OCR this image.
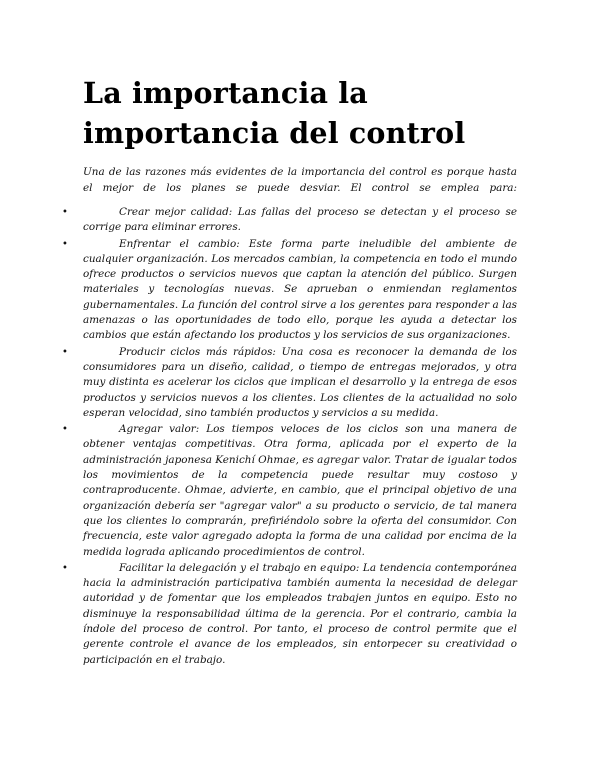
La importancia la importancia del control

Una de las razones más evidentes de la importancia del control es porque hasta el mejor de los planes se puede desviar. El control se emplea para:

•	Crear mejor calidad: Las fallas del proceso se detectan y el proceso se corrige para eliminar errores.
•	Enfrentar el cambio: Este forma parte ineludible del ambiente de cualquier organización. Los mercados cambian, la competencia en todo el mundo ofrece productos o servicios nuevos que captan la atención del público. Surgen materiales y tecnologías nuevas. Se aprueban o enmiendan reglamentos gubernamentales. La función del control sirve a los gerentes para responder a las amenazas o las oportunidades de todo ello, porque les ayuda a detectar los cambios que están afectando los productos y los servicios de sus organizaciones.
•	Producir ciclos más rápidos: Una cosa es reconocer la demanda de los consumidores para un diseño, calidad, o tiempo de entregas mejorados, y otra muy distinta es acelerar los ciclos que implican el desarrollo y la entrega de esos productos y servicios nuevos a los clientes. Los clientes de la actualidad no solo esperan velocidad, sino también productos y servicios a su medida.
•	Agregar valor: Los tiempos veloces de los ciclos son una manera de obtener ventajas competitivas. Otra forma, aplicada por el experto de la administración japonesa Kenichí Ohmae, es agregar valor. Tratar de igualar todos los movimientos de la competencia puede resultar muy costoso y contraproducente. Ohmae, advierte, en cambio, que el principal objetivo de una organización debería ser "agregar valor" a su producto o servicio, de tal manera que los clientes lo comprarán, prefiriéndolo sobre la oferta del consumidor. Con frecuencia, este valor agregado adopta la forma de una calidad por encima de la medida lograda aplicando procedimientos de control.
•	Facilitar la delegación y el trabajo en equipo: La tendencia contemporánea hacia la administración participativa también aumenta la necesidad de delegar autoridad y de fomentar que los empleados trabajen juntos en equipo. Esto no disminuye la responsabilidad última de la gerencia. Por el contrario, cambia la índole del proceso de control. Por tanto, el proceso de control permite que el gerente controle el avance de los empleados, sin entorpecer su creatividad o participación en el trabajo.
